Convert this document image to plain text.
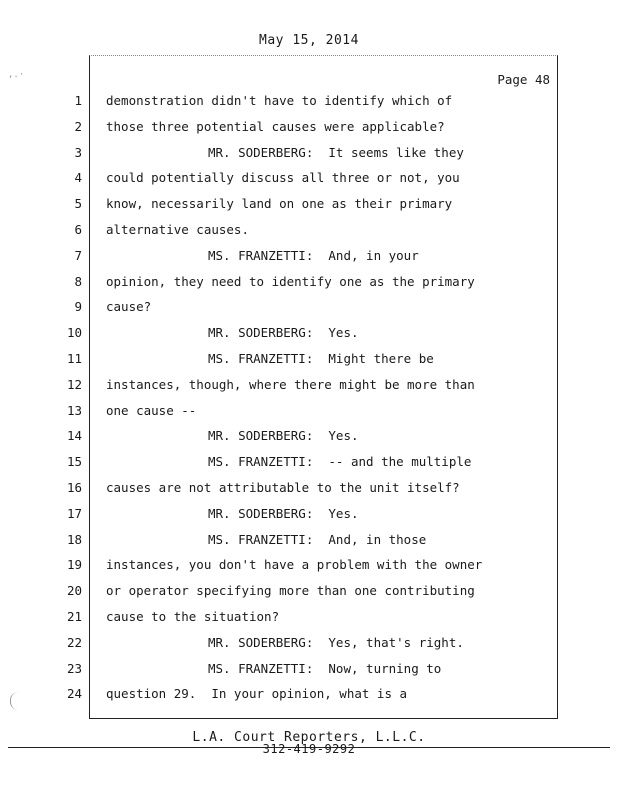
May 15, 2014
,.·	Page 48
1 demonstration didn't have to identify which of
2 those three potential causes were applicable?
3	MR. SODERBERG:  It seems like they
4 could potentially discuss all three or not, you
5 know, necessarily land on one as their primary
6 alternative causes.
7	MS. FRANZETTI:  And, in your
8 opinion, they need to identify one as the primary
9 cause?
10	MR. SODERBERG:  Yes.
11	MS. FRANZETTI:  Might there be
12 instances, though, where there might be more than
13 one cause --
14	MR. SODERBERG:  Yes.
15	MS. FRANZETTI:  -- and the multiple
16 causes are not attributable to the unit itself?
17	MR. SODERBERG:  Yes.
18	MS. FRANZETTI:  And, in those
19 instances, you don't have a problem with the owner
20 or operator specifying more than one contributing
21 cause to the situation?
22	MR. SODERBERG:  Yes, that's right.
23	MS. FRANZETTI:  Now, turning to
24 question 29.  In your opinion, what is a
L.A. Court Reporters, L.L.C.
312-419-9292
